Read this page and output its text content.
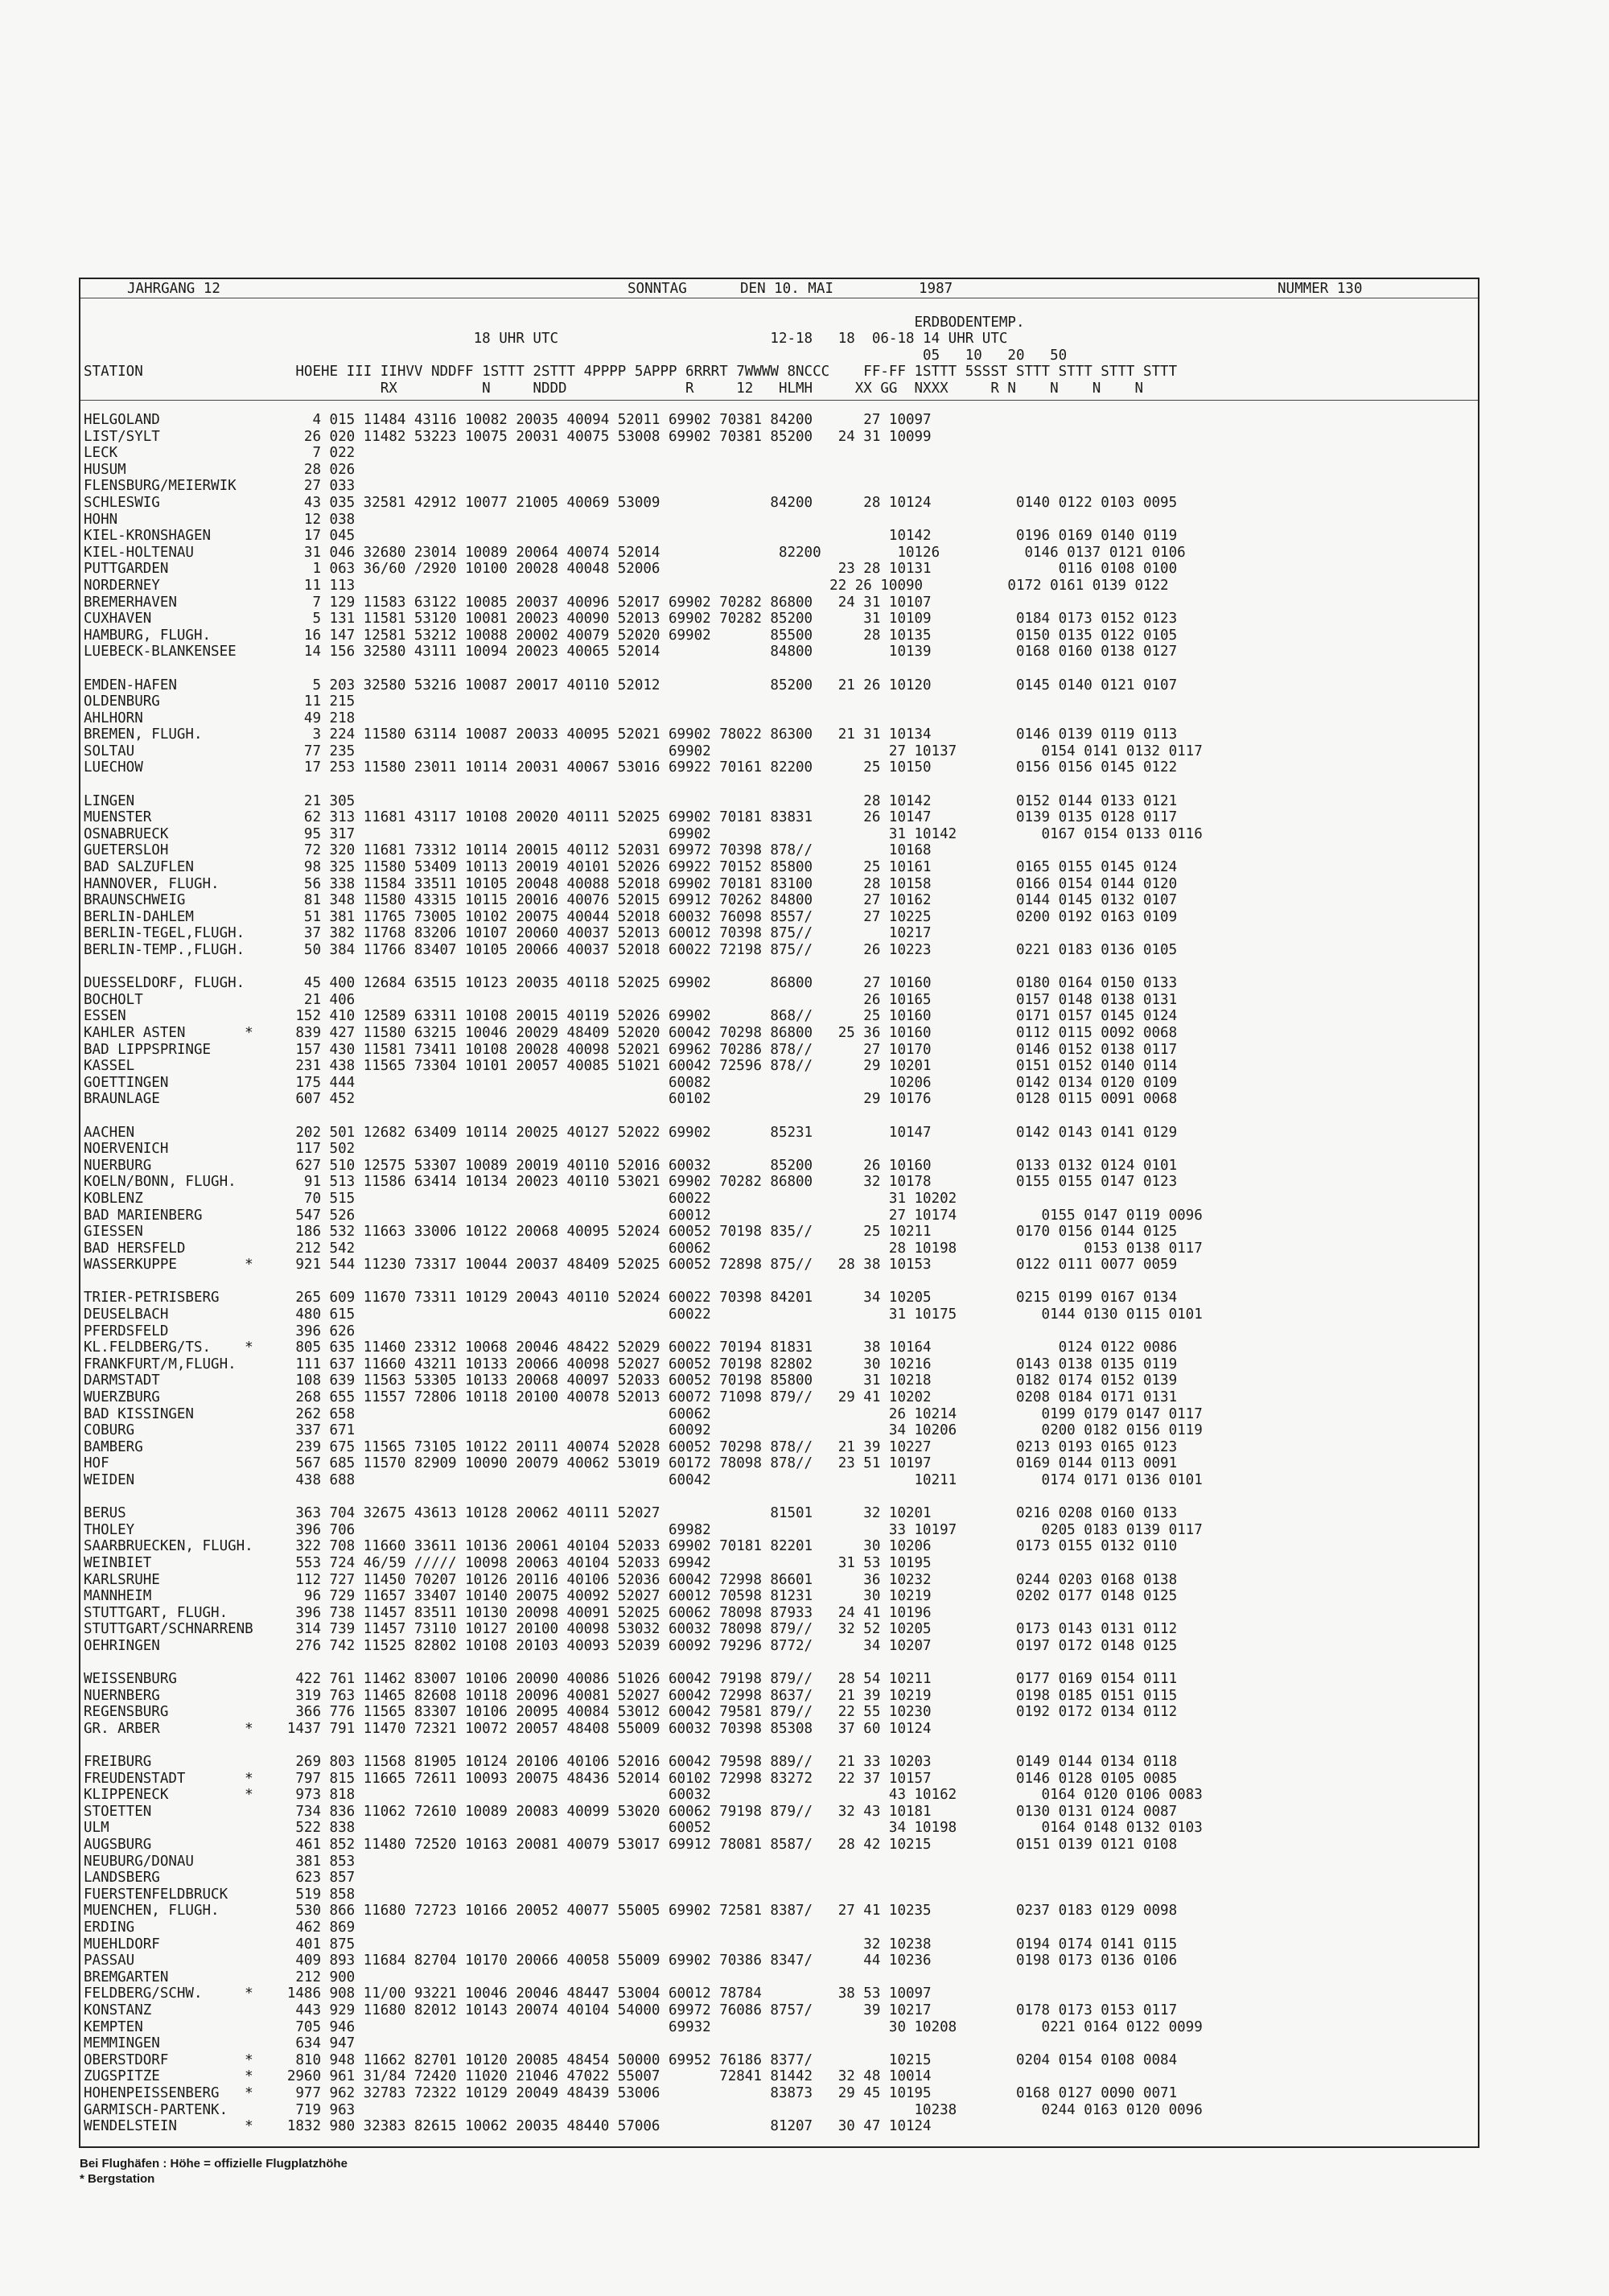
JAHRGANG 12	SONNTAG	DEN 10. MAI	1987	NUMMER 130
ERDBODENTEMP.
18 UHR UTC                         12-18   18  06-18 14 UHR UTC
05   10   20   50
STATION                  HOEHE III IIHVV NDDFF 1STTT 2STTT 4PPPP 5APPP 6RRRT 7WWWW 8NCCC    FF-FF 1STTT 5SSST STTT STTT STTT STTT
RX          N     NDDD              R     12   HLMH     XX GG  NXXX     R N    N    N    N
HELGOLAND                  4 015 11484 43116 10082 20035 40094 52011 69902 70381 84200      27 10097
LIST/SYLT                 26 020 11482 53223 10075 20031 40075 53008 69902 70381 85200   24 31 10099
LECK                       7 022
HUSUM                     28 026
FLENSBURG/MEIERWIK        27 033
SCHLESWIG                 43 035 32581 42912 10077 21005 40069 53009             84200      28 10124          0140 0122 0103 0095
HOHN                      12 038
KIEL-KRONSHAGEN           17 045                                                               10142          0196 0169 0140 0119
KIEL-HOLTENAU             31 046 32680 23014 10089 20064 40074 52014              82200         10126          0146 0137 0121 0106
PUTTGARDEN                 1 063 36/60 /2920 10100 20028 40048 52006                     23 28 10131               0116 0108 0100
NORDERNEY                 11 113                                                        22 26 10090          0172 0161 0139 0122
BREMERHAVEN                7 129 11583 63122 10085 20037 40096 52017 69902 70282 86800   24 31 10107
CUXHAVEN                   5 131 11581 53120 10081 20023 40090 52013 69902 70282 85200      31 10109          0184 0173 0152 0123
HAMBURG, FLUGH.           16 147 12581 53212 10088 20002 40079 52020 69902       85500      28 10135          0150 0135 0122 0105
LUEBECK-BLANKENSEE        14 156 32580 43111 10094 20023 40065 52014             84800         10139          0168 0160 0138 0127
EMDEN-HAFEN                5 203 32580 53216 10087 20017 40110 52012             85200   21 26 10120          0145 0140 0121 0107
OLDENBURG                 11 215
AHLHORN                   49 218
BREMEN, FLUGH.             3 224 11580 63114 10087 20033 40095 52021 69902 78022 86300   21 31 10134          0146 0139 0119 0113
SOLTAU                    77 235                                     69902                     27 10137          0154 0141 0132 0117
LUECHOW                   17 253 11580 23011 10114 20031 40067 53016 69922 70161 82200      25 10150          0156 0156 0145 0122
LINGEN                    21 305                                                            28 10142          0152 0144 0133 0121
MUENSTER                  62 313 11681 43117 10108 20020 40111 52025 69902 70181 83831      26 10147          0139 0135 0128 0117
OSNABRUECK                95 317                                     69902                     31 10142          0167 0154 0133 0116
GUETERSLOH                72 320 11681 73312 10114 20015 40112 52031 69972 70398 878//         10168
BAD SALZUFLEN             98 325 11580 53409 10113 20019 40101 52026 69922 70152 85800      25 10161          0165 0155 0145 0124
HANNOVER, FLUGH.          56 338 11584 33511 10105 20048 40088 52018 69902 70181 83100      28 10158          0166 0154 0144 0120
BRAUNSCHWEIG              81 348 11580 43315 10115 20016 40076 52015 69912 70262 84800      27 10162          0144 0145 0132 0107
BERLIN-DAHLEM             51 381 11765 73005 10102 20075 40044 52018 60032 76098 8557/      27 10225          0200 0192 0163 0109
BERLIN-TEGEL,FLUGH.       37 382 11768 83206 10107 20060 40037 52013 60012 70398 875//         10217
BERLIN-TEMP.,FLUGH.       50 384 11766 83407 10105 20066 40037 52018 60022 72198 875//      26 10223          0221 0183 0136 0105
DUESSELDORF, FLUGH.       45 400 12684 63515 10123 20035 40118 52025 69902       86800      27 10160          0180 0164 0150 0133
BOCHOLT                   21 406                                                            26 10165          0157 0148 0138 0131
ESSEN                    152 410 12589 63311 10108 20015 40119 52026 69902       868//      25 10160          0171 0157 0145 0124
KAHLER ASTEN       *     839 427 11580 63215 10046 20029 48409 52020 60042 70298 86800   25 36 10160          0112 0115 0092 0068
BAD LIPPSPRINGE          157 430 11581 73411 10108 20028 40098 52021 69962 70286 878//      27 10170          0146 0152 0138 0117
KASSEL                   231 438 11565 73304 10101 20057 40085 51021 60042 72596 878//      29 10201          0151 0152 0140 0114
GOETTINGEN               175 444                                     60082                     10206          0142 0134 0120 0109
BRAUNLAGE                607 452                                     60102                  29 10176          0128 0115 0091 0068
AACHEN                   202 501 12682 63409 10114 20025 40127 52022 69902       85231         10147          0142 0143 0141 0129
NOERVENICH               117 502
NUERBURG                 627 510 12575 53307 10089 20019 40110 52016 60032       85200      26 10160          0133 0132 0124 0101
KOELN/BONN, FLUGH.        91 513 11586 63414 10134 20023 40110 53021 69902 70282 86800      32 10178          0155 0155 0147 0123
KOBLENZ                   70 515                                     60022                     31 10202
BAD MARIENBERG           547 526                                     60012                     27 10174          0155 0147 0119 0096
GIESSEN                  186 532 11663 33006 10122 20068 40095 52024 60052 70198 835//      25 10211          0170 0156 0144 0125
BAD HERSFELD             212 542                                     60062                     28 10198               0153 0138 0117
WASSERKUPPE        *     921 544 11230 73317 10044 20037 48409 52025 60052 72898 875//   28 38 10153          0122 0111 0077 0059
TRIER-PETRISBERG         265 609 11670 73311 10129 20043 40110 52024 60022 70398 84201      34 10205          0215 0199 0167 0134
DEUSELBACH               480 615                                     60022                     31 10175          0144 0130 0115 0101
PFERDSFELD               396 626
KL.FELDBERG/TS.    *     805 635 11460 23312 10068 20046 48422 52029 60022 70194 81831      38 10164               0124 0122 0086
FRANKFURT/M,FLUGH.       111 637 11660 43211 10133 20066 40098 52027 60052 70198 82802      30 10216          0143 0138 0135 0119
DARMSTADT                108 639 11563 53305 10133 20068 40097 52033 60052 70198 85800      31 10218          0182 0174 0152 0139
WUERZBURG                268 655 11557 72806 10118 20100 40078 52013 60072 71098 879//   29 41 10202          0208 0184 0171 0131
BAD KISSINGEN            262 658                                     60062                     26 10214          0199 0179 0147 0117
COBURG                   337 671                                     60092                     34 10206          0200 0182 0156 0119
BAMBERG                  239 675 11565 73105 10122 20111 40074 52028 60052 70298 878//   21 39 10227          0213 0193 0165 0123
HOF                      567 685 11570 82909 10090 20079 40062 53019 60172 78098 878//   23 51 10197          0169 0144 0113 0091
WEIDEN                   438 688                                     60042                        10211          0174 0171 0136 0101
BERUS                    363 704 32675 43613 10128 20062 40111 52027             81501      32 10201          0216 0208 0160 0133
THOLEY                   396 706                                     69982                     33 10197          0205 0183 0139 0117
SAARBRUECKEN, FLUGH.     322 708 11660 33611 10136 20061 40104 52033 69902 70181 82201      30 10206          0173 0155 0132 0110
WEINBIET                 553 724 46/59 ///// 10098 20063 40104 52033 69942               31 53 10195
KARLSRUHE                112 727 11450 70207 10126 20116 40106 52036 60042 72998 86601      36 10232          0244 0203 0168 0138
MANNHEIM                  96 729 11657 33407 10140 20075 40092 52027 60012 70598 81231      30 10219          0202 0177 0148 0125
STUTTGART, FLUGH.        396 738 11457 83511 10130 20098 40091 52025 60062 78098 87933   24 41 10196
STUTTGART/SCHNARRENB     314 739 11457 73110 10127 20100 40098 53032 60032 78098 879//   32 52 10205          0173 0143 0131 0112
OEHRINGEN                276 742 11525 82802 10108 20103 40093 52039 60092 79296 8772/      34 10207          0197 0172 0148 0125
WEISSENBURG              422 761 11462 83007 10106 20090 40086 51026 60042 79198 879//   28 54 10211          0177 0169 0154 0111
NUERNBERG                319 763 11465 82608 10118 20096 40081 52027 60042 72998 8637/   21 39 10219          0198 0185 0151 0115
REGENSBURG               366 776 11565 83307 10106 20095 40084 53012 60042 79581 879//   22 55 10230          0192 0172 0134 0112
GR. ARBER          *    1437 791 11470 72321 10072 20057 48408 55009 60032 70398 85308   37 60 10124
FREIBURG                 269 803 11568 81905 10124 20106 40106 52016 60042 79598 889//   21 33 10203          0149 0144 0134 0118
FREUDENSTADT       *     797 815 11665 72611 10093 20075 48436 52014 60102 72998 83272   22 37 10157          0146 0128 0105 0085
KLIPPENECK         *     973 818                                     60032                     43 10162          0164 0120 0106 0083
STOETTEN                 734 836 11062 72610 10089 20083 40099 53020 60062 79198 879//   32 43 10181          0130 0131 0124 0087
ULM                      522 838                                     60052                     34 10198          0164 0148 0132 0103
AUGSBURG                 461 852 11480 72520 10163 20081 40079 53017 69912 78081 8587/   28 42 10215          0151 0139 0121 0108
NEUBURG/DONAU            381 853
LANDSBERG                623 857
FUERSTENFELDBRUCK        519 858
MUENCHEN, FLUGH.         530 866 11680 72723 10166 20052 40077 55005 69902 72581 8387/   27 41 10235          0237 0183 0129 0098
ERDING                   462 869
MUEHLDORF                401 875                                                            32 10238          0194 0174 0141 0115
PASSAU                   409 893 11684 82704 10170 20066 40058 55009 69902 70386 8347/      44 10236          0198 0173 0136 0106
BREMGARTEN               212 900
FELDBERG/SCHW.     *    1486 908 11/00 93221 10046 20046 48447 53004 60012 78784         38 53 10097
KONSTANZ                 443 929 11680 82012 10143 20074 40104 54000 69972 76086 8757/      39 10217          0178 0173 0153 0117
KEMPTEN                  705 946                                     69932                     30 10208          0221 0164 0122 0099
MEMMINGEN                634 947
OBERSTDORF         *     810 948 11662 82701 10120 20085 48454 50000 69952 76186 8377/         10215          0204 0154 0108 0084
ZUGSPITZE          *    2960 961 31/84 72420 11020 21046 47022 55007       72841 81442   32 48 10014
HOHENPEISSENBERG   *     977 962 32783 72322 10129 20049 48439 53006             83873   29 45 10195          0168 0127 0090 0071
GARMISCH-PARTENK.        719 963                                                                  10238          0244 0163 0120 0096
WENDELSTEIN        *    1832 980 32383 82615 10062 20035 48440 57006             81207   30 47 10124
Bei Flughäfen : Höhe = offizielle Flugplatzhöhe
* Bergstation
